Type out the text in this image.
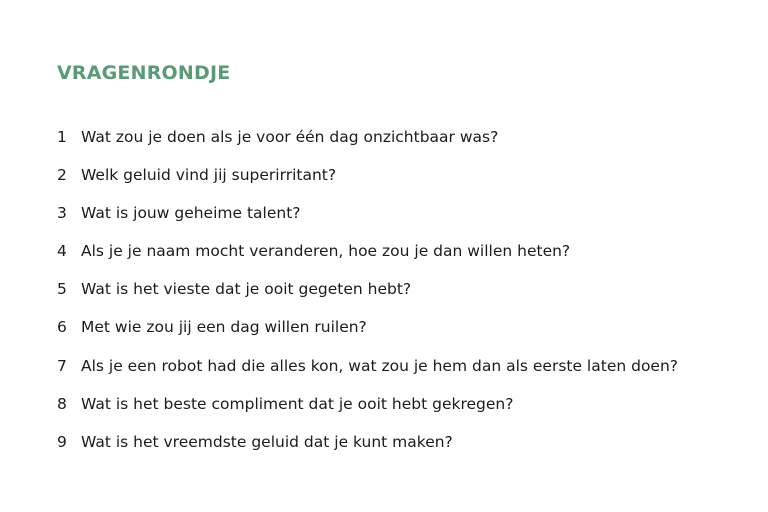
VRAGENRONDJE
1 Wat zou je doen als je voor één dag onzichtbaar was?
2 Welk geluid vind jij superirritant?
3 Wat is jouw geheime talent?
4 Als je je naam mocht veranderen, hoe zou je dan willen heten?
5 Wat is het vieste dat je ooit gegeten hebt?
6 Met wie zou jij een dag willen ruilen?
7 Als je een robot had die alles kon, wat zou je hem dan als eerste laten doen?
8 Wat is het beste compliment dat je ooit hebt gekregen?
9 Wat is het vreemdste geluid dat je kunt maken?
